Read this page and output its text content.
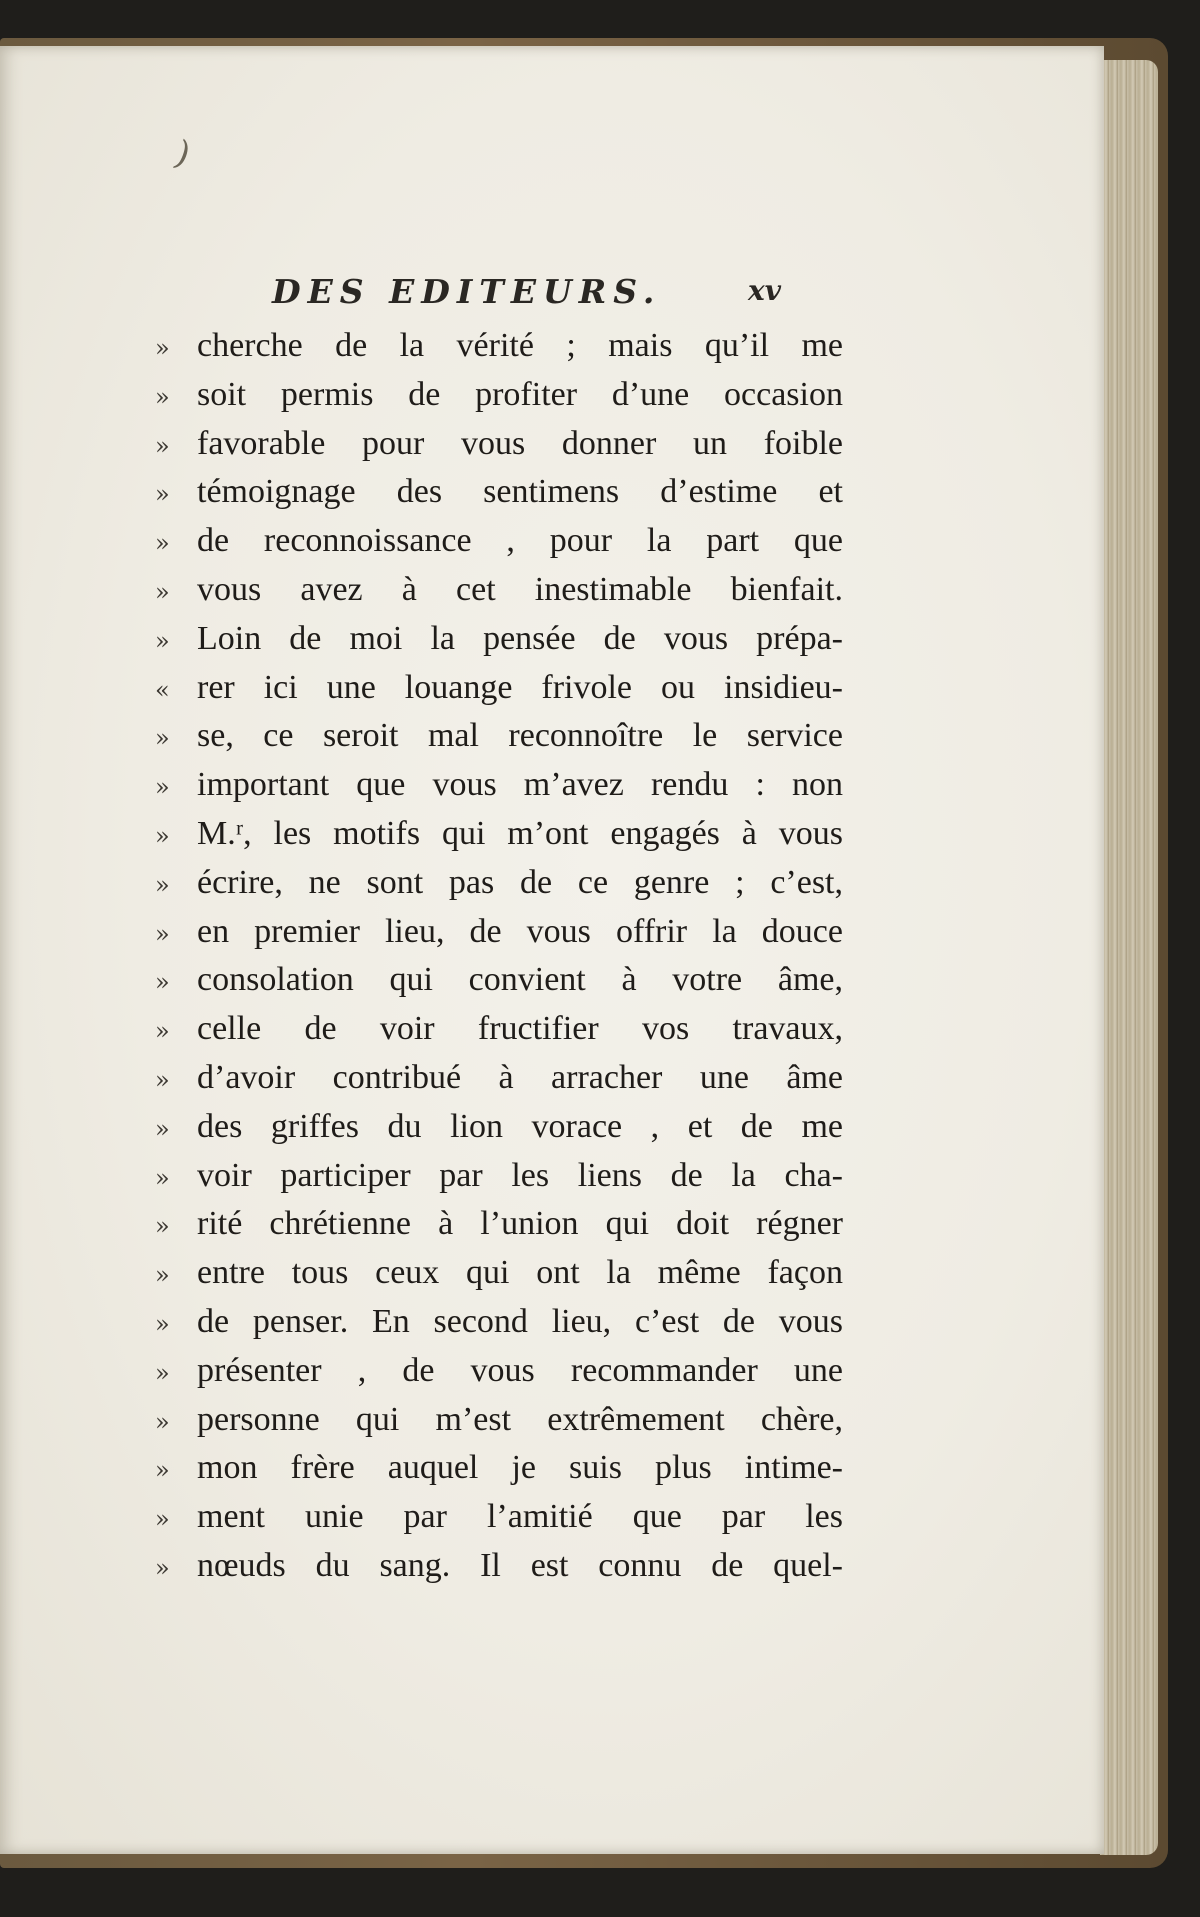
)
DES EDITEURS.	xv
» cherche de la vérité ; mais qu’il me
» soit permis de profiter d’une occasion
» favorable pour vous donner un foible
» témoignage des sentimens d’estime et
» de reconnoissance , pour la part que
» vous avez à cet inestimable bienfait.
» Loin de moi la pensée de vous prépa-
« rer ici une louange frivole ou insidieu-
» se, ce seroit mal reconnoître le service
» important que vous m’avez rendu : non
» M.ʳ, les motifs qui m’ont engagés à vous
» écrire, ne sont pas de ce genre ; c’est,
» en premier lieu, de vous offrir la douce
» consolation qui convient à votre âme,
» celle de voir fructifier vos travaux,
» d’avoir contribué à arracher une âme
» des griffes du lion vorace , et de me
» voir participer par les liens de la cha-
» rité chrétienne à l’union qui doit régner
» entre tous ceux qui ont la même façon
» de penser. En second lieu, c’est de vous
» présenter , de vous recommander une
» personne qui m’est extrêmement chère,
» mon frère auquel je suis plus intime-
» ment unie par l’amitié que par les
» nœuds du sang. Il est connu de quel-
